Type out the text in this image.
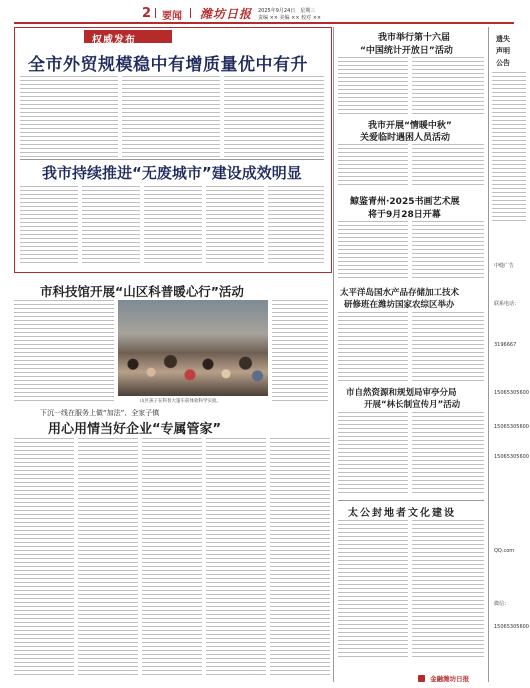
2 要闻 潍坊日报 2025年9月24日　星期三
责编 ×× 美编 ×× 校对 ××
权威发布
全市外贸规模稳中有增质量优中有升
我市持续推进“无废城市”建设成效明显
市科技馆开展“山区科普暖心行”活动
山区孩子在科普大篷车前体验科学实验。
下沉一线在服务上做“加法”、全家子镇
用心用情当好企业“专属管家”
我市举行第十六届
“中国统计开放日”活动
我市开展“情暖中秋”
关爱临时遇困人员活动
鲸鉴青州·2025书画艺术展
将于9月28日开幕
太平洋岛国水产品存储加工技术
研修班在潍坊国家农综区举办
市自然资源和规划局审亭分局
开展“林长制宣传月”活动
太公封地者文化建设
金融潍坊日报
遗失
声明
公告
中缝广告
联系电话：
3196667
15065305600
15065305600
15065305600
QQ.com
微信：
15065305600
